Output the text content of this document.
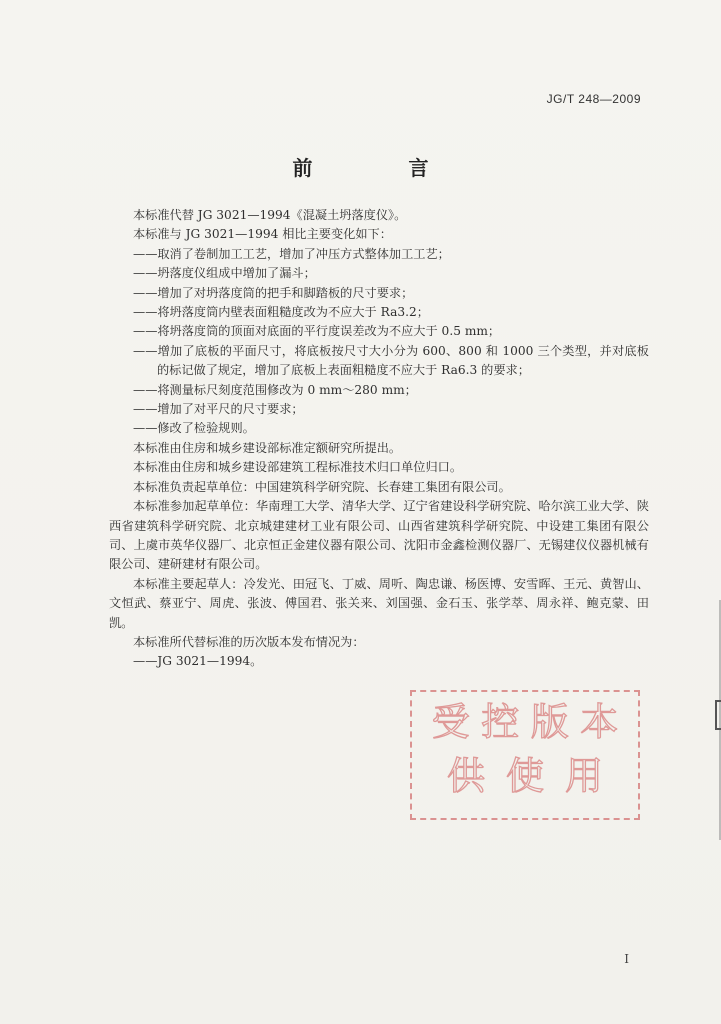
JG/T 248—2009
前　言

本标准代替 JG 3021—1994《混凝土坍落度仪》。

本标准与 JG 3021—1994 相比主要变化如下：

——取消了卷制加工工艺，增加了冲压方式整体加工工艺；

——坍落度仪组成中增加了漏斗；

——增加了对坍落度筒的把手和脚踏板的尺寸要求；

——将坍落度筒内壁表面粗糙度改为不应大于 Ra3.2；

——将坍落度筒的顶面对底面的平行度误差改为不应大于 0.5 mm；

——增加了底板的平面尺寸，将底板按尺寸大小分为 600、800 和 1000 三个类型，并对底板的标记做了规定，增加了底板上表面粗糙度不应大于 Ra6.3 的要求；

——将测量标尺刻度范围修改为 0 mm～280 mm；

——增加了对平尺的尺寸要求；

——修改了检验规则。

本标准由住房和城乡建设部标准定额研究所提出。

本标准由住房和城乡建设部建筑工程标准技术归口单位归口。

本标准负责起草单位：中国建筑科学研究院、长春建工集团有限公司。

本标准参加起草单位：华南理工大学、清华大学、辽宁省建设科学研究院、哈尔滨工业大学、陕西省建筑科学研究院、北京城建建材工业有限公司、山西省建筑科学研究院、中设建工集团有限公司、上虞市英华仪器厂、北京恒正金建仪器有限公司、沈阳市金鑫检测仪器厂、无锡建仪仪器机械有限公司、建研建材有限公司。

本标准主要起草人：冷发光、田冠飞、丁威、周听、陶忠谦、杨医博、安雪晖、王元、黄智山、文恒武、蔡亚宁、周虎、张波、傅国君、张关来、刘国强、金石玉、张学萃、周永祥、鲍克蒙、田凯。

本标准所代替标准的历次版本发布情况为：

——JG 3021—1994。

受 控 版 本
供 使 用
I
